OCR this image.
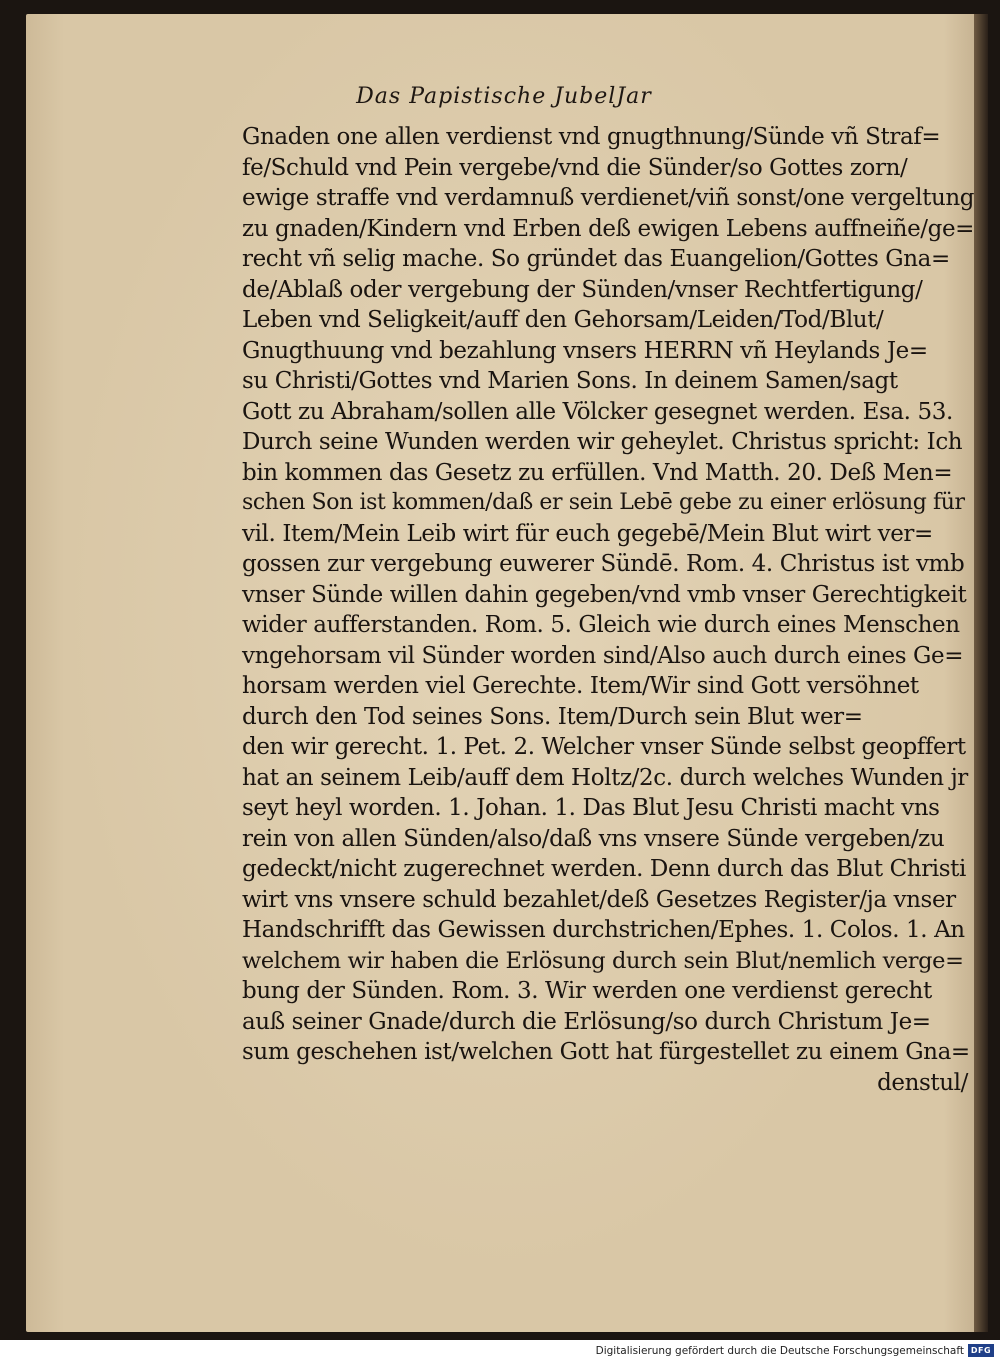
Das Papistische JubelJar
Gnaden one allen verdienst vnd gnugthnung/Sünde vñ Straf=
fe/Schuld vnd Pein vergebe/vnd die Sünder/so Gottes zorn/
ewige straffe vnd verdamnuß verdienet/viñ sonst/one vergeltung
zu gnaden/Kindern vnd Erben deß ewigen Lebens auffneiñe/ge=
recht vñ selig mache. So gründet das Euangelion/Gottes Gna=
de/Ablaß oder vergebung der Sünden/vnser Rechtfertigung/
Leben vnd Seligkeit/auff den Gehorsam/Leiden/Tod/Blut/
Gnugthuung vnd bezahlung vnsers HERRN vñ Heylands Je=
su Christi/Gottes vnd Marien Sons. In deinem Samen/sagt
Gott zu Abraham/sollen alle Völcker gesegnet werden. Esa. 53.
Durch seine Wunden werden wir geheylet. Christus spricht: Ich
bin kommen das Gesetz zu erfüllen. Vnd Matth. 20. Deß Men=
schen Son ist kommen/daß er sein Lebē gebe zu einer erlösung für
vil. Item/Mein Leib wirt für euch gegebē/Mein Blut wirt ver=
gossen zur vergebung euwerer Sündē. Rom. 4. Christus ist vmb
vnser Sünde willen dahin gegeben/vnd vmb vnser Gerechtigkeit
wider aufferstanden. Rom. 5. Gleich wie durch eines Menschen
vngehorsam vil Sünder worden sind/Also auch durch eines Ge=
horsam werden viel Gerechte. Item/Wir sind Gott versöhnet
durch den Tod seines Sons. Item/Durch sein Blut wer=
den wir gerecht. 1. Pet. 2. Welcher vnser Sünde selbst geopffert
hat an seinem Leib/auff dem Holtz/2c. durch welches Wunden jr
seyt heyl worden. 1. Johan. 1. Das Blut Jesu Christi macht vns
rein von allen Sünden/also/daß vns vnsere Sünde vergeben/zu
gedeckt/nicht zugerechnet werden. Denn durch das Blut Christi
wirt vns vnsere schuld bezahlet/deß Gesetzes Register/ja vnser
Handschrifft das Gewissen durchstrichen/Ephes. 1. Colos. 1. An
welchem wir haben die Erlösung durch sein Blut/nemlich verge=
bung der Sünden. Rom. 3. Wir werden one verdienst gerecht
auß seiner Gnade/durch die Erlösung/so durch Christum Je=
sum geschehen ist/welchen Gott hat fürgestellet zu einem Gna=
denstul/
Digitalisierung gefördert durch die Deutsche Forschungsgemeinschaft DFG
